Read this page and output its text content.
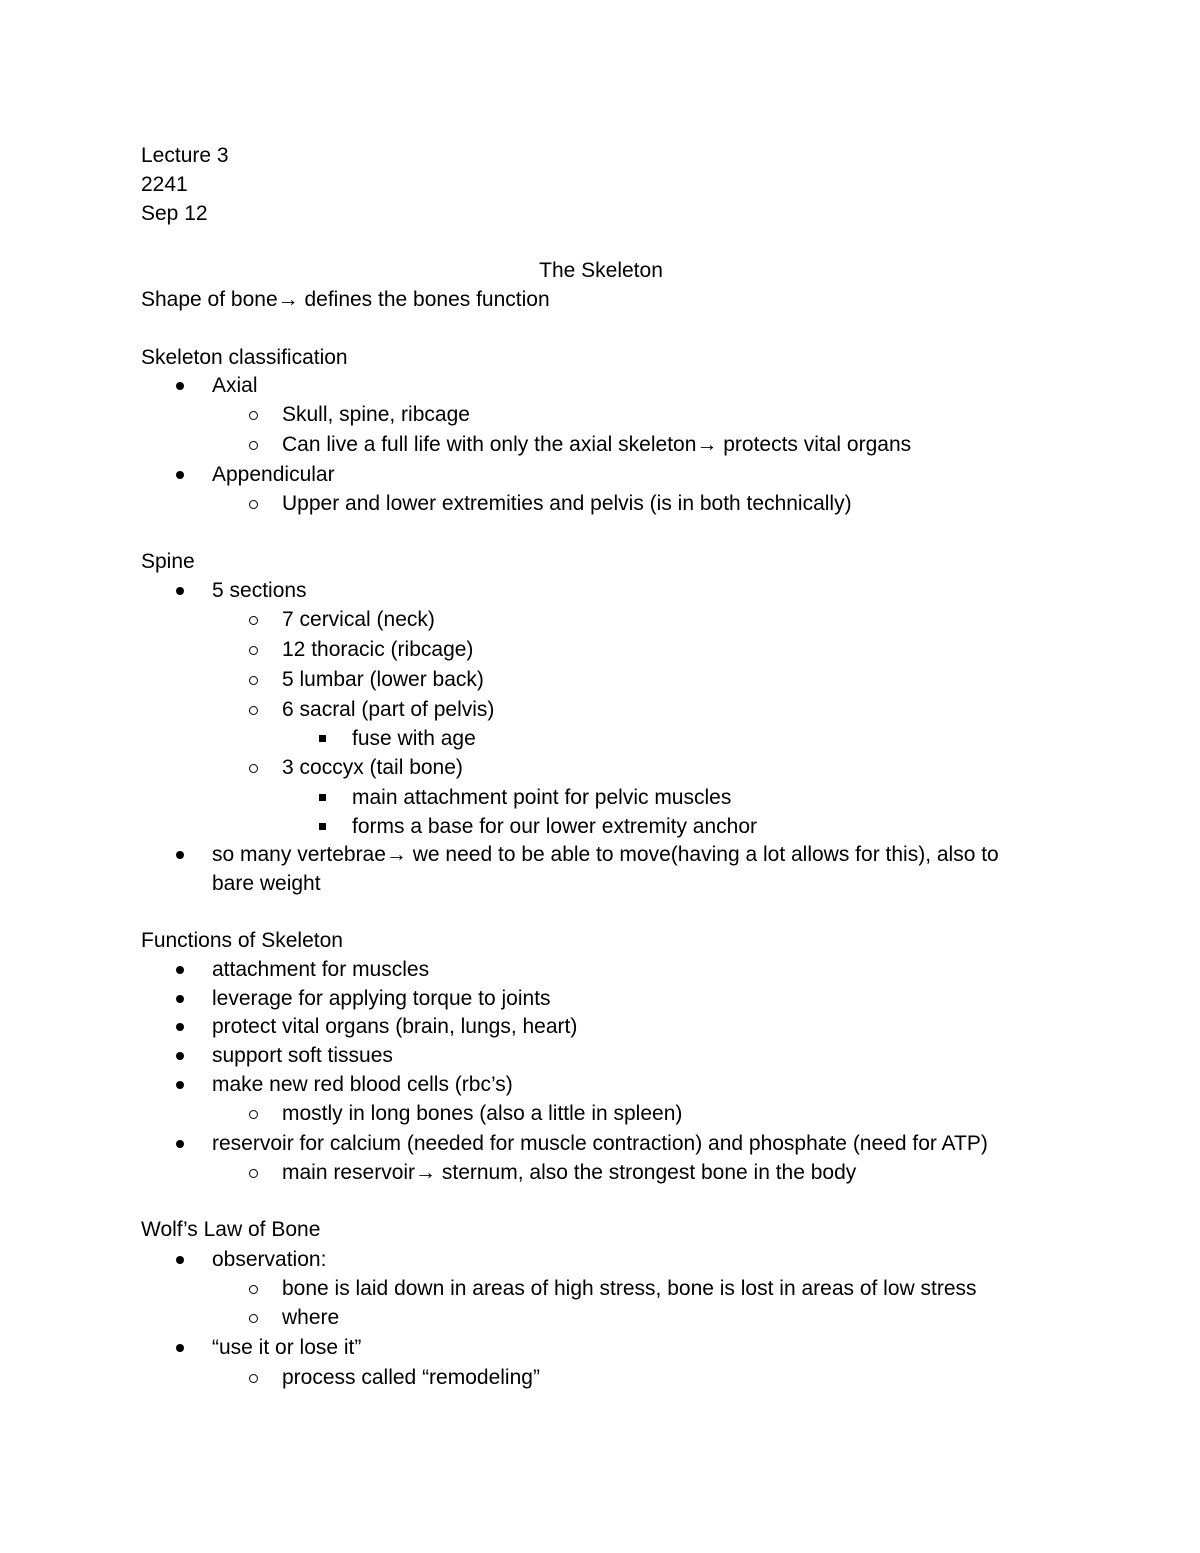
Lecture 3
2241
Sep 12
The Skeleton
Shape of bone→ defines the bones function
Skeleton classification
Axial
Skull, spine, ribcage
Can live a full life with only the axial skeleton→ protects vital organs
Appendicular
Upper and lower extremities and pelvis (is in both technically)
Spine
5 sections
7 cervical (neck)
12 thoracic (ribcage)
5 lumbar (lower back)
6 sacral (part of pelvis)
fuse with age
3 coccyx (tail bone)
main attachment point for pelvic muscles
forms a base for our lower extremity anchor
so many vertebrae→ we need to be able to move(having a lot allows for this), also to
bare weight
Functions of Skeleton
attachment for muscles
leverage for applying torque to joints
protect vital organs (brain, lungs, heart)
support soft tissues
make new red blood cells (rbc’s)
mostly in long bones (also a little in spleen)
reservoir for calcium (needed for muscle contraction) and phosphate (need for ATP)
main reservoir→ sternum, also the strongest bone in the body
Wolf’s Law of Bone
observation:
bone is laid down in areas of high stress, bone is lost in areas of low stress
where
“use it or lose it”
process called “remodeling”
